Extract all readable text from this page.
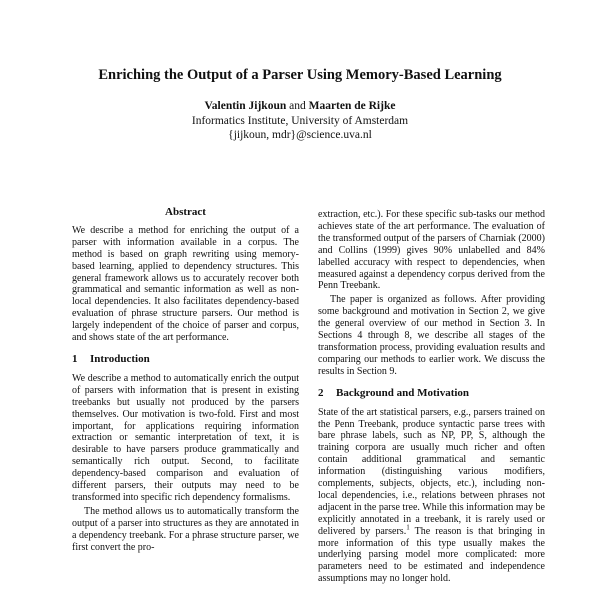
Enriching the Output of a Parser Using Memory-Based Learning
Valentin Jijkoun and Maarten de Rijke
Informatics Institute, University of Amsterdam
{jijkoun, mdr}@science.uva.nl
Abstract

We describe a method for enriching the output of a parser with information available in a corpus. The method is based on graph rewriting using memory-based learning, applied to dependency structures. This general framework allows us to accurately recover both grammatical and semantic information as well as non-local dependencies. It also facilitates dependency-based evaluation of phrase structure parsers. Our method is largely independent of the choice of parser and corpus, and shows state of the art performance.

1 Introduction

We describe a method to automatically enrich the output of parsers with information that is present in existing treebanks but usually not produced by the parsers themselves. Our motivation is two-fold. First and most important, for applications requiring information extraction or semantic interpretation of text, it is desirable to have parsers produce grammatically and semantically rich output. Second, to facilitate dependency-based comparison and evaluation of different parsers, their outputs may need to be transformed into specific rich dependency formalisms.

The method allows us to automatically transform the output of a parser into structures as they are annotated in a dependency treebank. For a phrase structure parser, we first convert the pro-

extraction, etc.). For these specific sub-tasks our method achieves state of the art performance. The evaluation of the transformed output of the parsers of Charniak (2000) and Collins (1999) gives 90% unlabelled and 84% labelled accuracy with respect to dependencies, when measured against a dependency corpus derived from the Penn Treebank.

The paper is organized as follows. After providing some background and motivation in Section 2, we give the general overview of our method in Section 3. In Sections 4 through 8, we describe all stages of the transformation process, providing evaluation results and comparing our methods to earlier work. We discuss the results in Section 9.

2 Background and Motivation

State of the art statistical parsers, e.g., parsers trained on the Penn Treebank, produce syntactic parse trees with bare phrase labels, such as NP, PP, S, although the training corpora are usually much richer and often contain additional grammatical and semantic information (distinguishing various modifiers, complements, subjects, objects, etc.), including non-local dependencies, i.e., relations between phrases not adjacent in the parse tree. While this information may be explicitly annotated in a treebank, it is rarely used or delivered by parsers.$^1$ The reason is that bringing in more information of this type usually makes the underlying parsing model more complicated: more parameters need to be estimated and independence assumptions may no longer hold.
